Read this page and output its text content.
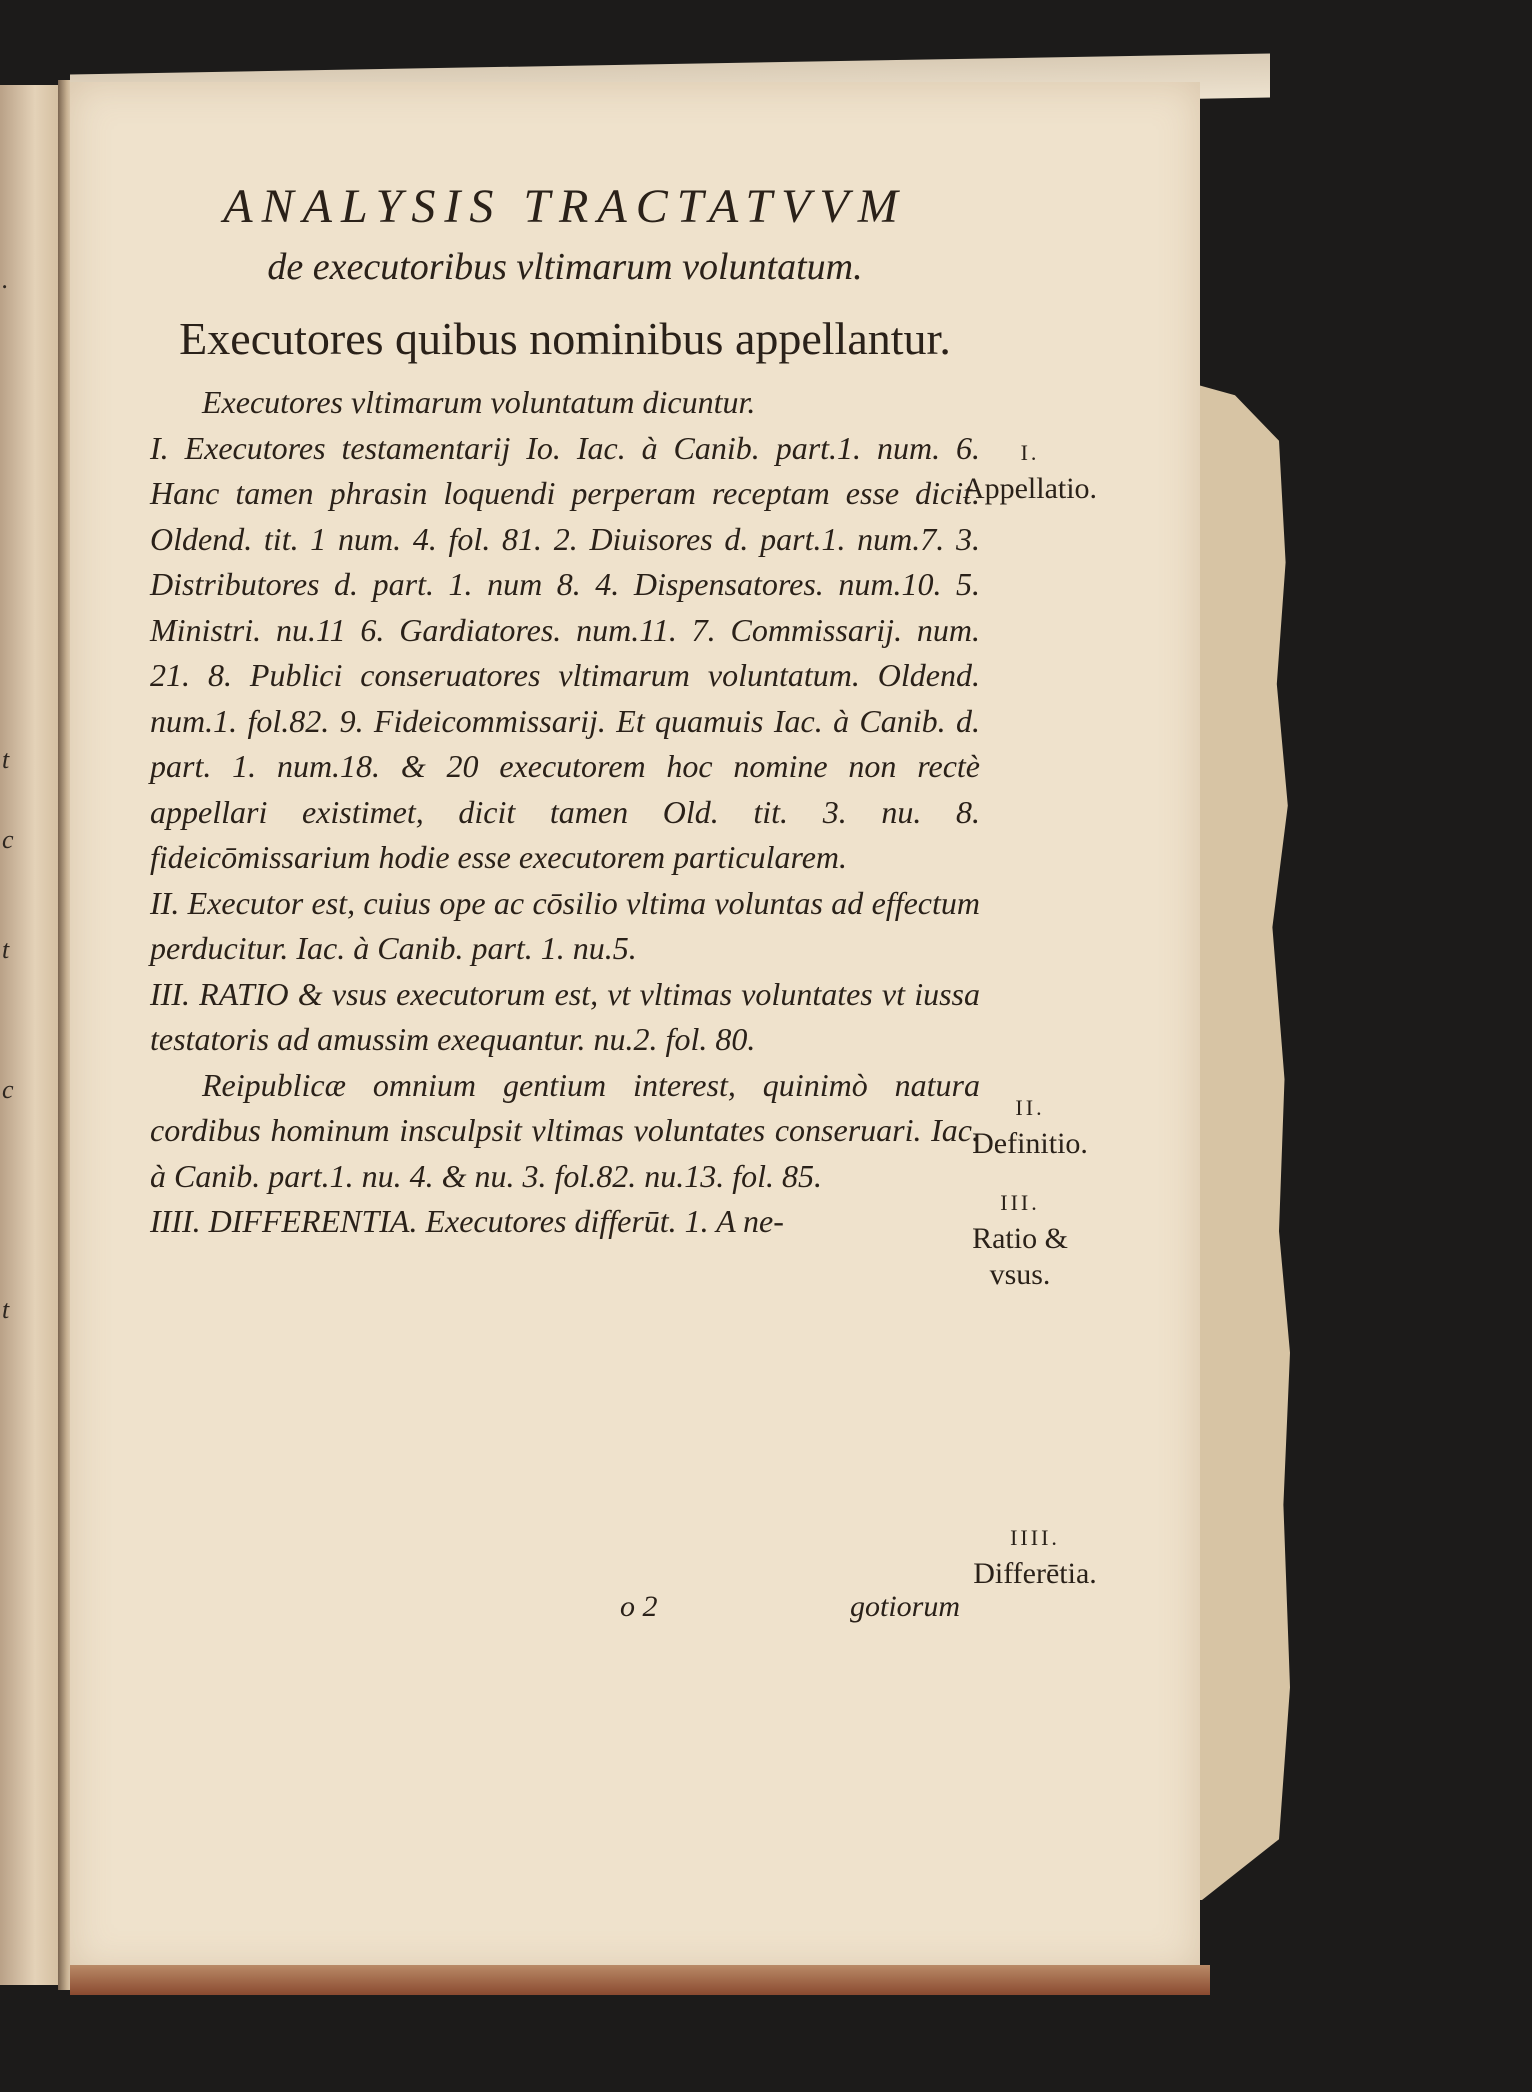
.
t
c
t
c
t
ANALYSIS TRACTATVVM
de executoribus vltimarum voluntatum.
Executores quibus nominibus appellantur.

Executores vltimarum voluntatum dicuntur.

I. Executores testamentarij Io. Iac. à Canib. part.1. num. 6. Hanc tamen phrasin loquendi perperam receptam esse dicit. Oldend. tit. 1 num. 4. fol. 81. 2. Diuisores d. part.1. num.7. 3. Distributores d. part. 1. num 8. 4. Dispensatores. num.10. 5. Ministri. nu.11 6. Gardiatores. num.11. 7. Commissarij. num. 21. 8. Publici conseruatores vltimarum voluntatum. Oldend. num.1. fol.82. 9. Fideicommissarij. Et quamuis Iac. à Canib. d. part. 1. num.18. & 20 executorem hoc nomine non rectè appellari existimet, dicit tamen Old. tit. 3. nu. 8. fideicōmissarium hodie esse executorem particularem.

II. Executor est, cuius ope ac cōsilio vltima voluntas ad effectum perducitur. Iac. à Canib. part. 1. nu.5.

III. RATIO & vsus executorum est, vt vltimas voluntates vt iussa testatoris ad amussim exequantur. nu.2. fol. 80.

Reipublicæ omnium gentium interest, quinimò natura cordibus hominum insculpsit vltimas voluntates conseruari. Iac. à Canib. part.1. nu. 4. & nu. 3. fol.82. nu.13. fol. 85.

IIII. DIFFERENTIA. Executores differūt. 1. A ne-

I.
Appellatio.
II.
Definitio.
III.
Ratio & vsus.
IIII.
Differētia.
o 2	gotiorum
